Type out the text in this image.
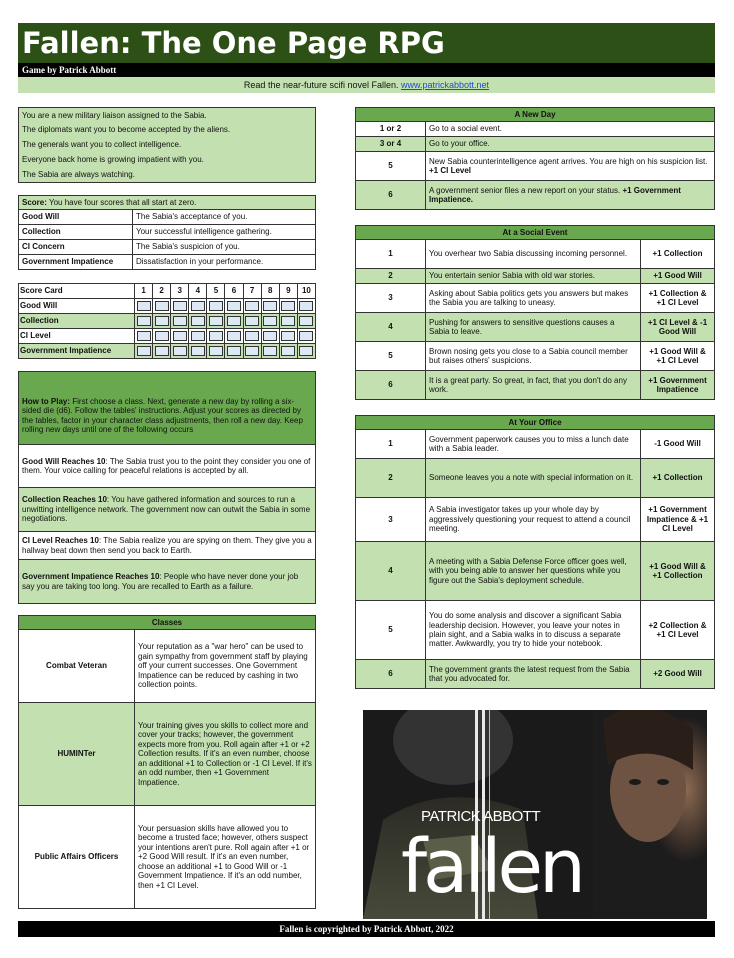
Fallen: The One Page RPG
Game by Patrick Abbott
Read the near-future scifi novel Fallen. www.patrickabbott.net
You are a new military liaison assigned to the Sabia.
The diplomats want you to become accepted by the aliens.
The generals want you to collect intelligence.
Everyone back home is growing impatient with you.
The Sabia are always watching.
Score: You have four scores that all start at zero.	
Good Will	The Sabia's acceptance of you.
Collection	Your successful intelligence gathering.
CI Concern	The Sabia's suspicion of you.
Government Impatience	Dissatisfaction in your performance.
Score Card	1	2	3	4	5	6	7	8	9	10
Good Will										
Collection										
CI Level										
Government Impatience										
How to Play: First choose a class. Next, generate a new day by rolling a six-sided die (d6). Follow the tables' instructions. Adjust your scores as directed by the tables, factor in your character class adjustments, then roll a new day. Keep rolling new days until one of the following occurs
Good Will Reaches 10: The Sabia trust you to the point they consider you one of them. Your voice calling for peaceful relations is accepted by all.
Collection Reaches 10: You have gathered information and sources to run a unwitting intelligence network. The government now can outwit the Sabia in some negotiations.
CI Level Reaches 10: The Sabia realize you are spying on them. They give you a hallway beat down then send you back to Earth.
Government Impatience Reaches 10: People who have never done your job say you are taking too long. You are recalled to Earth as a failure.
Classes	
Combat Veteran	Your reputation as a "war hero" can be used to gain sympathy from government staff by playing off your current successes. One Government Impatience can be reduced by cashing in two collection points.
HUMINTer	Your training gives you skills to collect more and cover your tracks; however, the government expects more from you. Roll again after +1 or +2 Collection results. If it's an even number, choose an additional +1 to Collection or -1 CI Level. If it's an odd number, then +1 Government Impatience.
Public Affairs Officers	Your persuasion skills have allowed you to become a trusted face; however, others suspect your intentions aren't pure. Roll again after +1 or +2 Good Will result. If it's an even number, choose an additional +1 to Good Will or -1 Government Impatience. If it's an odd number, then +1 CI Level.
A New Day	
1 or 2	Go to a social event.
3 or 4	Go to your office.
5	New Sabia counterintelligence agent arrives. You are high on his suspicion list. +1 CI Level
6	A government senior files a new report on your status. +1 Government Impatience.
At a Social Event		
1	You overhear two Sabia discussing incoming personnel.	+1 Collection
2	You entertain senior Sabia with old war stories.	+1 Good Will
3	Asking about Sabia politics gets you answers but makes the Sabia you are talking to uneasy.	+1 Collection & +1 CI Level
4	Pushing for answers to sensitive questions causes a Sabia to leave.	+1 CI Level & -1 Good Will
5	Brown nosing gets you close to a Sabia council member but raises others' suspicions.	+1 Good Will & +1 CI Level
6	It is a great party. So great, in fact, that you don't do any work.	+1 Government Impatience
At Your Office		
1	Government paperwork causes you to miss a lunch date with a Sabia leader.	-1 Good Will
2	Someone leaves you a note with special information on it.	+1 Collection
3	A Sabia investigator takes up your whole day by aggressively questioning your request to attend a council meeting.	+1 Government Impatience & +1 CI Level
4	A meeting with a Sabia Defense Force officer goes well, with you being able to answer her questions while you figure out the Sabia's deployment schedule.	+1 Good Will & +1 Collection
5	You do some analysis and discover a significant Sabia leadership decision. However, you leave your notes in plain sight, and a Sabia walks in to discuss a separate matter. Awkwardly, you try to hide your notebook.	+2 Collection & +1 CI Level
6	The government grants the latest request from the Sabia that you advocated for.	+2 Good Will
PATRICK ABBOTT
fallen
Fallen is copyrighted by Patrick Abbott, 2022
